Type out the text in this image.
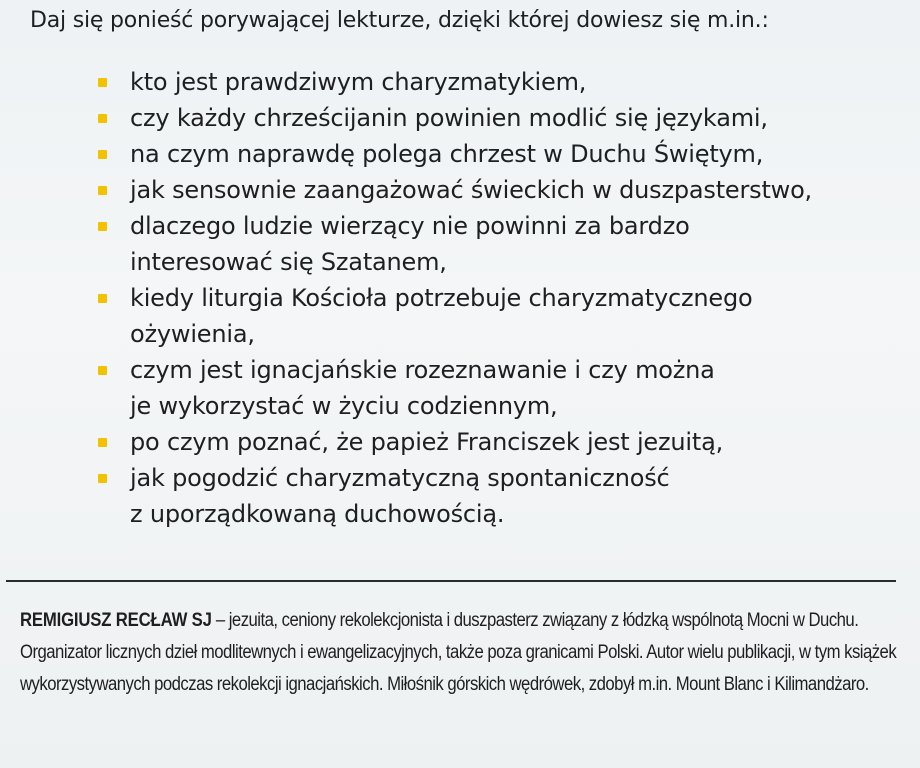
Daj się ponieść porywającej lekturze, dzięki której dowiesz się m.in.:
kto jest prawdziwym charyzmatykiem,
czy każdy chrześcijanin powinien modlić się językami,
na czym naprawdę polega chrzest w Duchu Świętym,
jak sensownie zaangażować świeckich w duszpasterstwo,
dlaczego ludzie wierzący nie powinni za bardzo
interesować się Szatanem,
kiedy liturgia Kościoła potrzebuje charyzmatycznego
ożywienia,
czym jest ignacjańskie rozeznawanie i czy można
je wykorzystać w życiu codziennym,
po czym poznać, że papież Franciszek jest jezuitą,
jak pogodzić charyzmatyczną spontaniczność
z uporządkowaną duchowością.
REMIGIUSZ RECŁAW SJ – jezuita, ceniony rekolekcjonista i duszpasterz związany z łódzką wspólnotą Mocni w Duchu. Organizator licznych dzieł modlitewnych i ewangelizacyjnych, także poza granicami Polski. Autor wielu publikacji, w tym książek wykorzystywanych podczas rekolekcji ignacjańskich. Miłośnik górskich wędrówek, zdobył m.in. Mount Blanc i Kilimandżaro.
